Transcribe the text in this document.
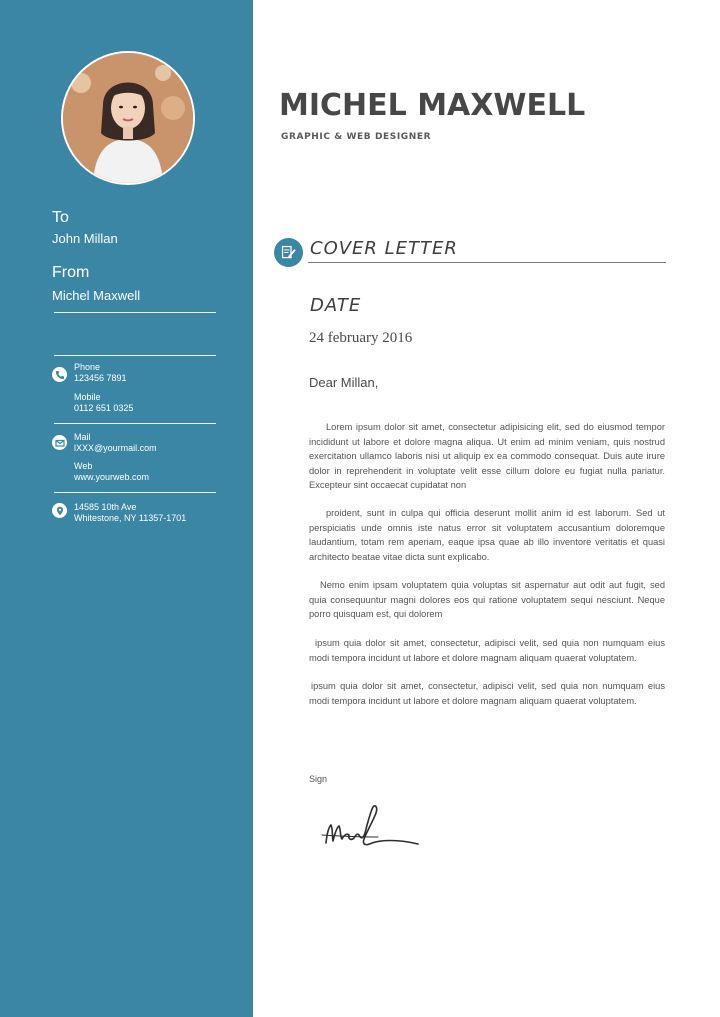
To
John Millan
From
Michel Maxwell
Phone
123456 7891
Mobile
0112 651 0325
Mail
lXXX@yourmail.com
Web
www.yourweb.com
14585 10th Ave
Whitestone, NY 11357-1701
MICHEL MAXWELL
GRAPHIC & WEB DESIGNER
COVER LETTER
DATE
24 february 2016
Dear Millan,

Lorem ipsum dolor sit amet, consectetur adipisicing elit, sed do eiusmod tempor incididunt ut labore et dolore magna aliqua. Ut enim ad minim veniam, quis nostrud exercitation ullamco laboris nisi ut aliquip ex ea commodo consequat. Duis aute irure dolor in reprehenderit in voluptate velit esse cillum dolore eu fugiat nulla pariatur. Excepteur sint occaecat cupidatat non

proident, sunt in culpa qui officia deserunt mollit anim id est laborum. Sed ut perspiciatis unde omnis iste natus error sit voluptatem accusantium doloremque laudantium, totam rem aperiam, eaque ipsa quae ab illo inventore veritatis et quasi architecto beatae vitae dicta sunt explicabo.

Nemo enim ipsam voluptatem quia voluptas sit aspernatur aut odit aut fugit, sed quia consequuntur magni dolores eos qui ratione voluptatem sequi nesciunt. Neque porro quisquam est, qui dolorem

ipsum quia dolor sit amet, consectetur, adipisci velit, sed quia non numquam eius modi tempora incidunt ut labore et dolore magnam aliquam quaerat voluptatem.

ipsum quia dolor sit amet, consectetur, adipisci velit, sed quia non numquam eius modi tempora incidunt ut labore et dolore magnam aliquam quaerat voluptatem.

Sign
